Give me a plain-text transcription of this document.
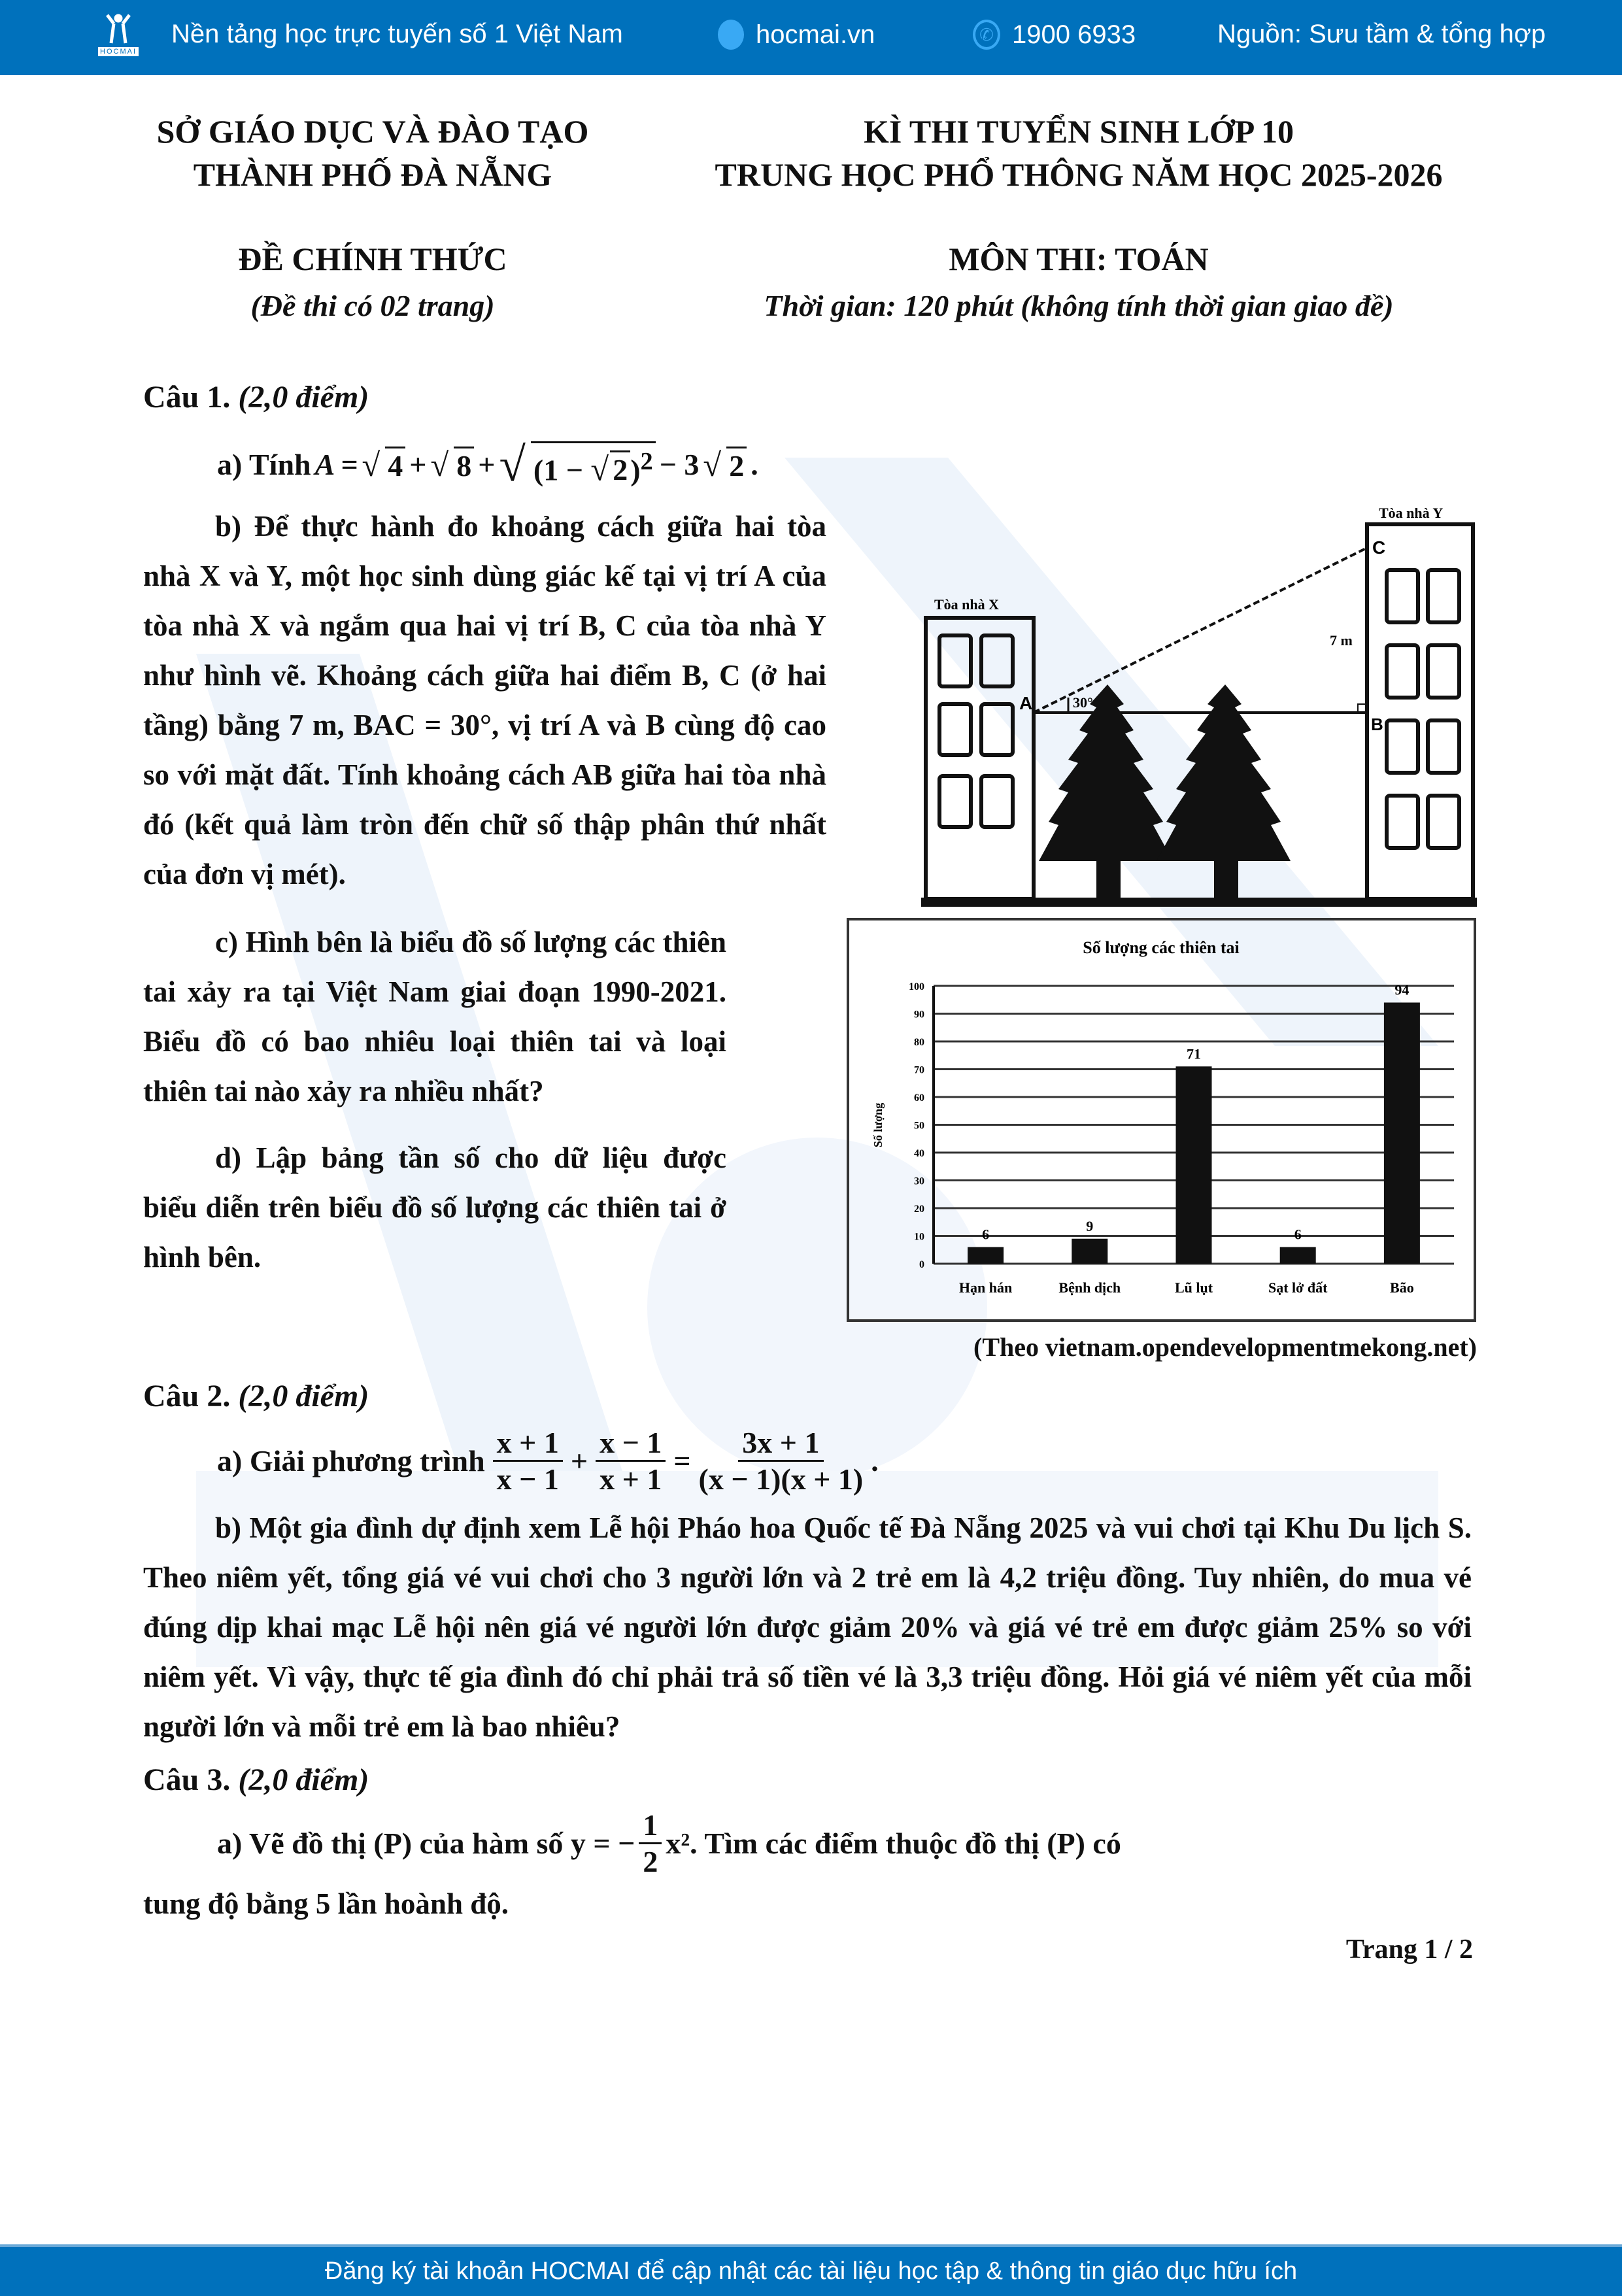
HOCMAI
Nền tảng học trực tuyến số 1 Việt Nam	hocmai.vn	✆ 1900 6933	Nguồn: Sưu tầm & tổng hợp
SỞ GIÁO DỤC VÀ ĐÀO TẠO
THÀNH PHỐ ĐÀ NẴNG
KÌ THI TUYỂN SINH LỚP 10
TRUNG HỌC PHỔ THÔNG NĂM HỌC 2025-2026
ĐỀ CHÍNH THỨC
(Đề thi có 02 trang)
MÔN THI: TOÁN
Thời gian: 120 phút (không tính thời gian giao đề)
Câu 1. (2,0 điểm)
a) Tính A = √ 4 + √ 8 + √ (1 − √ 2)$^2$ − 3 √ 2 .

b) Để thực hành đo khoảng cách giữa hai tòa nhà X và Y, một học sinh dùng giác kế tại vị trí A của tòa nhà X và ngắm qua hai vị trí B, C của tòa nhà Y như hình vẽ. Khoảng cách giữa hai điểm B, C (ở hai tầng) bằng 7 m, BAC = 30°, vị trí A và B cùng độ cao so với mặt đất. Tính khoảng cách AB giữa hai tòa nhà đó (kết quả làm tròn đến chữ số thập phân thứ nhất của đơn vị mét).

Tòa nhà X
Tòa nhà Y
A
B
C
30°
7 m

c) Hình bên là biểu đồ số lượng các thiên tai xảy ra tại Việt Nam giai đoạn 1990-2021. Biểu đồ có bao nhiêu loại thiên tai và loại thiên tai nào xảy ra nhiều nhất?

d) Lập bảng tần số cho dữ liệu được biểu diễn trên biểu đồ số lượng các thiên tai ở hình bên.

Số lượng các thiên tai
Số lượng
0
10
20
30
40
50
60
70
80
90
100
6
Hạn hán
9
Bệnh dịch
71
Lũ lụt
6
Sạt lở đất
94
Bão
(Theo vietnam.opendevelopmentmekong.net)
Câu 2. (2,0 điểm)
a) Giải phương trình $\frac{x + 1}{x - 1} + \frac{x - 1}{x + 1} = \frac{3x + 1}{(x - 1)(x + 1)}$ .

b) Một gia đình dự định xem Lễ hội Pháo hoa Quốc tế Đà Nẵng 2025 và vui chơi tại Khu Du lịch S. Theo niêm yết, tổng giá vé vui chơi cho 3 người lớn và 2 trẻ em là 4,2 triệu đồng. Tuy nhiên, do mua vé đúng dịp khai mạc Lễ hội nên giá vé người lớn được giảm 20% và giá vé trẻ em được giảm 25% so với niêm yết. Vì vậy, thực tế gia đình đó chỉ phải trả số tiền vé là 3,3 triệu đồng. Hỏi giá vé niêm yết của mỗi người lớn và mỗi trẻ em là bao nhiêu?

Câu 3. (2,0 điểm)
a) Vẽ đồ thị (P) của hàm số y = − $\frac{1}{2} x^2$. Tìm các điểm thuộc đồ thị (P) có

tung độ bằng 5 lần hoành độ.

Trang 1 / 2
Đăng ký tài khoản HOCMAI để cập nhật các tài liệu học tập & thông tin giáo dục hữu ích
